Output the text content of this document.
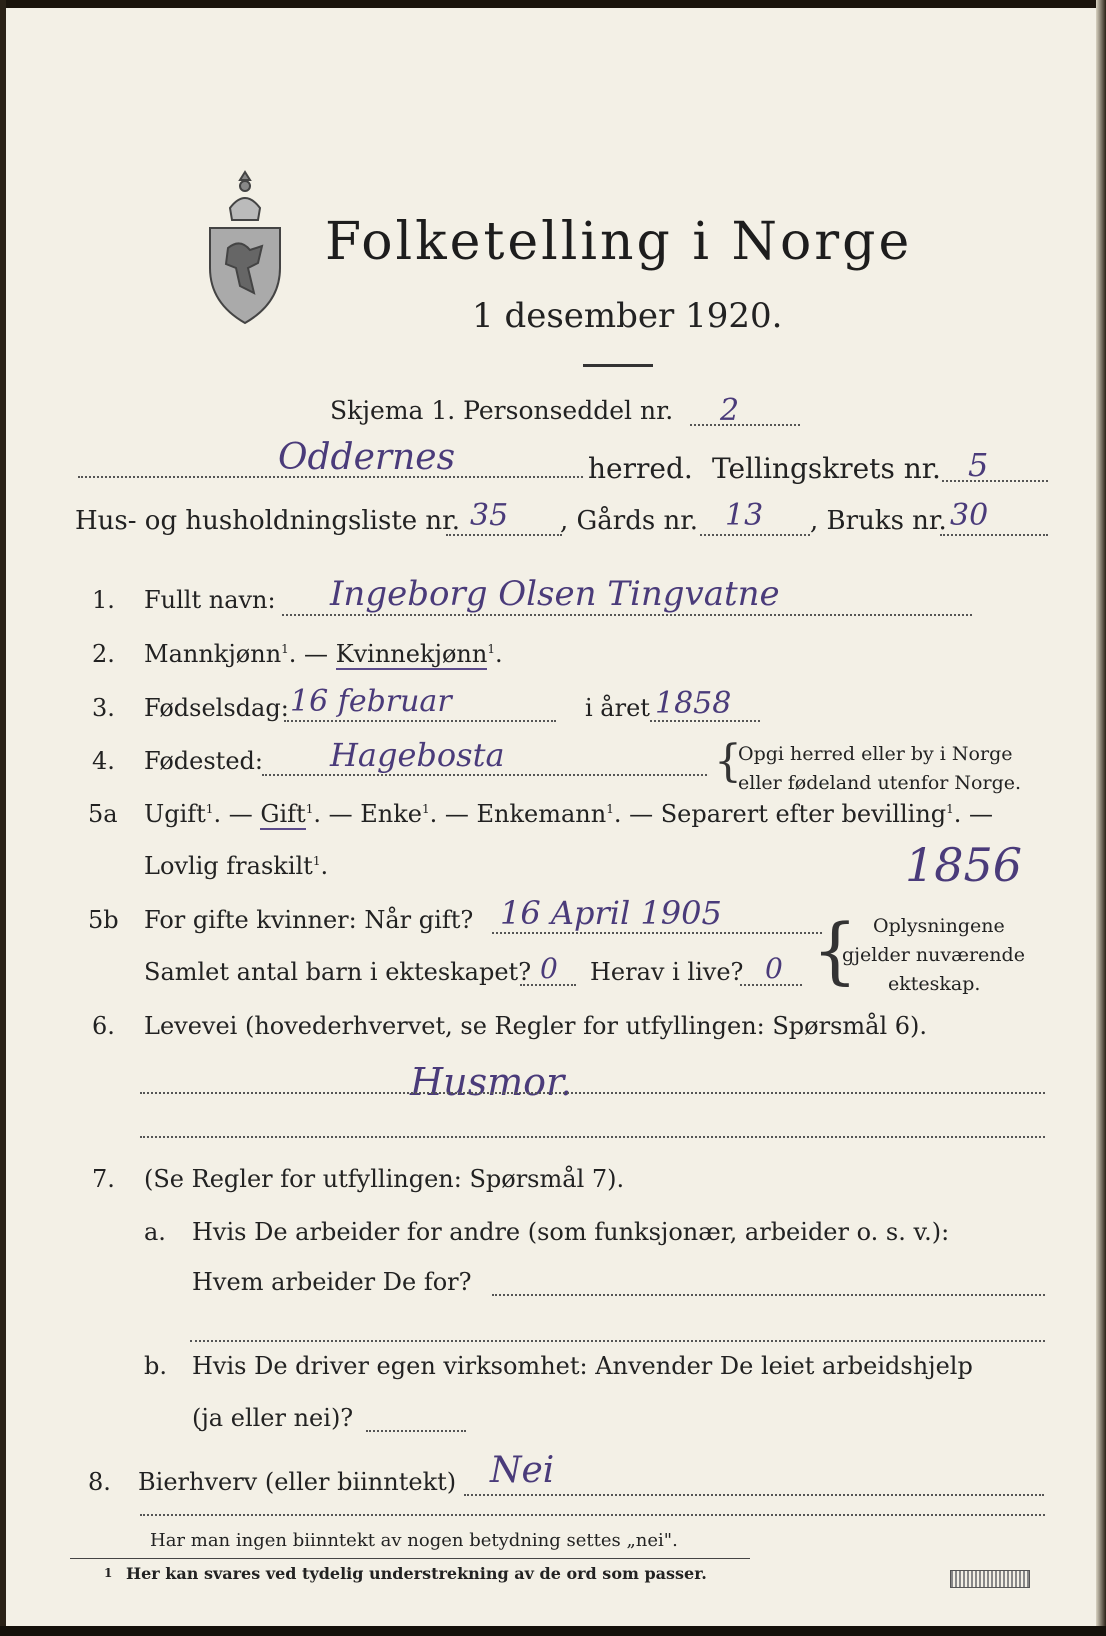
Folketelling i Norge
1 desember 1920.
Skjema 1. Personseddel nr. 2
Oddernes	herred. Tellingskrets nr. 5
Hus- og husholdningsliste nr. 35 , Gårds nr. 13 , Bruks nr. 30
1. Fullt navn: Ingeborg Olsen Tingvatne
2. Mannkjønn$^1$. — Kvinnekjønn$^1$.
3. Fødselsdag: 16 februar	i året 1858
4. Fødested: Hagebosta	{
Opgi herred eller by i Norge
eller fødeland utenfor Norge.
5a Ugift$^1$. — Gift$^1$. — Enke$^1$. — Enkemann$^1$. — Separert efter bevilling$^1$. —
Lovlig fraskilt$^1$.	1856
5b For gifte kvinner: Når gift? 16 April 1905
Samlet antal barn i ekteskapet? 0 Herav i live? 0 { Oplysningene
gjelder nuværende
ekteskap.
6. Levevei (hovederhvervet, se Regler for utfyllingen: Spørsmål 6).
Husmor.
7. (Se Regler for utfyllingen: Spørsmål 7).
a. Hvis De arbeider for andre (som funksjonær, arbeider o. s. v.):
Hvem arbeider De for?
b. Hvis De driver egen virksomhet: Anvender De leiet arbeidshjelp
(ja eller nei)?
8. Bierhverv (eller biinntekt) Nei
Har man ingen biinntekt av nogen betydning settes „nei".
1 Her kan svares ved tydelig understrekning av de ord som passer.
